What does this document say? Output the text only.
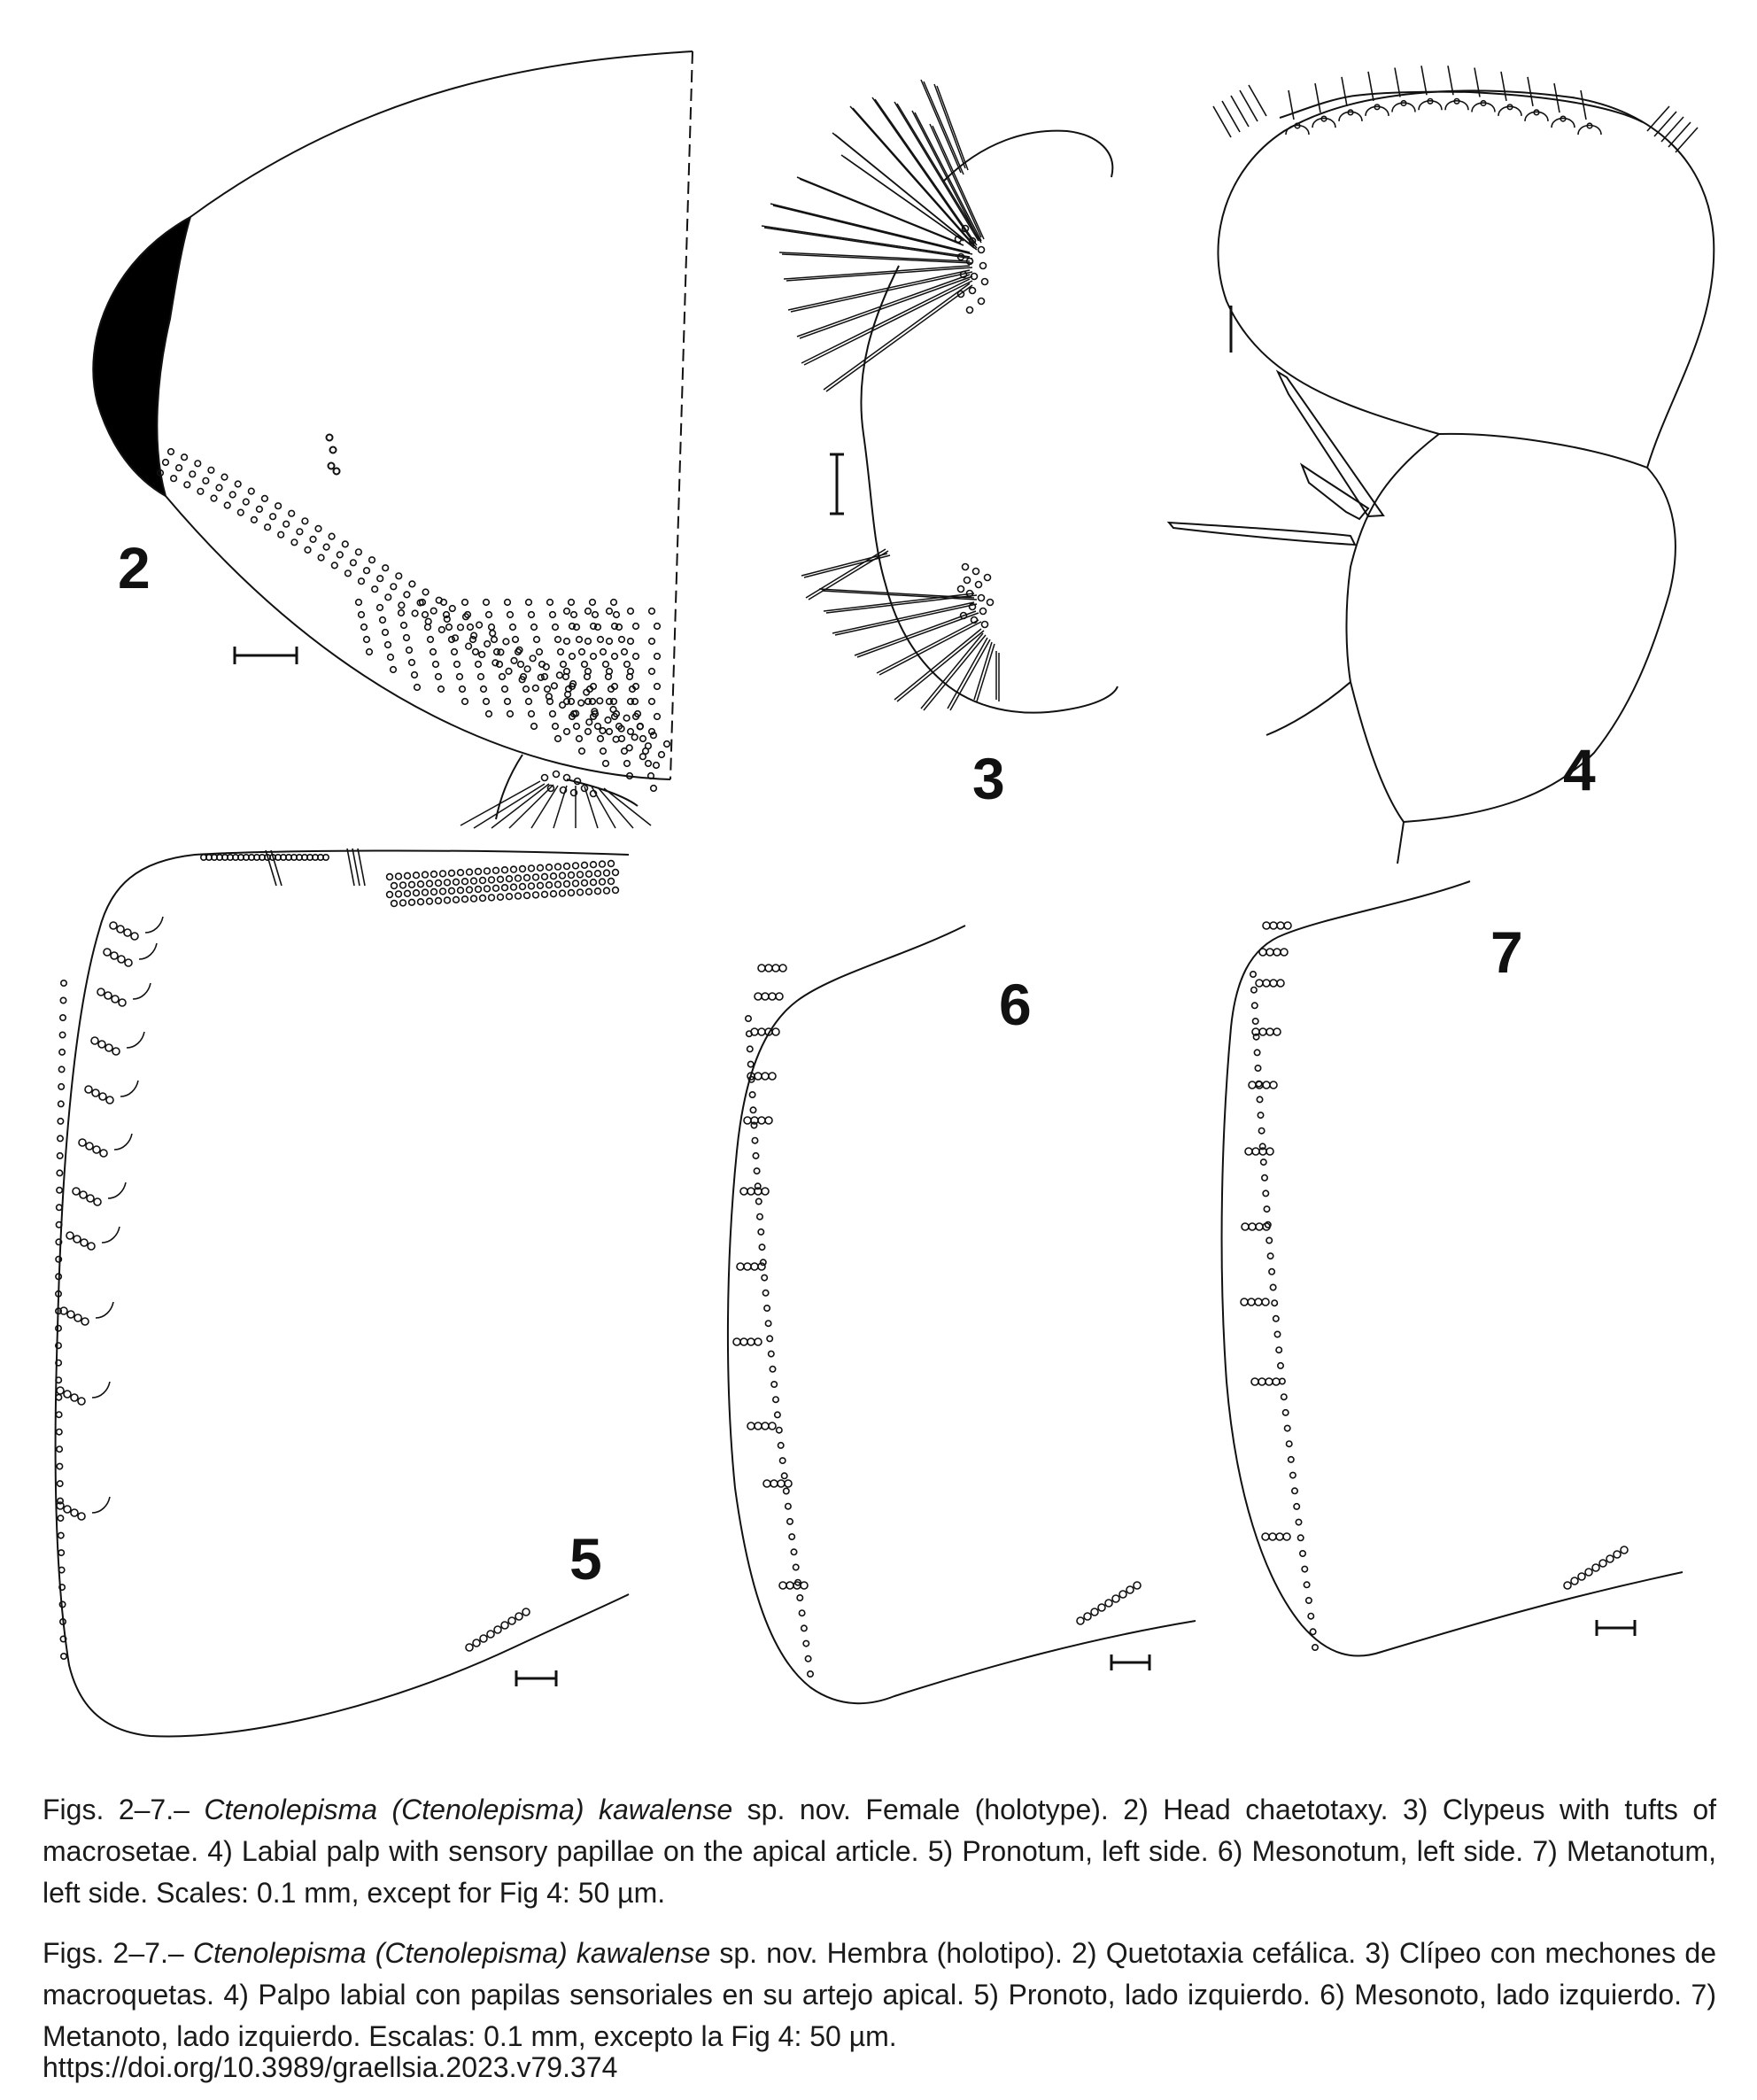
2
3	4
5
6
7

Figs. 2–7.– Ctenolepisma (Ctenolepisma) kawalense sp. nov. Female (holotype). 2) Head chaetotaxy. 3) Clypeus with tufts of macrosetae. 4) Labial palp with sensory papillae on the apical article. 5) Pronotum, left side. 6) Mesonotum, left side. 7) Metanotum, left side. Scales: 0.1 mm, except for Fig 4: 50 µm.

Figs. 2–7.– Ctenolepisma (Ctenolepisma) kawalense sp. nov. Hembra (holotipo). 2) Quetotaxia cefálica. 3) Clípeo con mechones de macroquetas. 4) Palpo labial con papilas sensoriales en su artejo apical. 5) Pronoto, lado izquierdo. 6) Mesonoto, lado izquierdo. 7) Metanoto, lado izquierdo. Escalas: 0.1 mm, excepto la Fig 4: 50 µm.

https://doi.org/10.3989/graellsia.2023.v79.374
